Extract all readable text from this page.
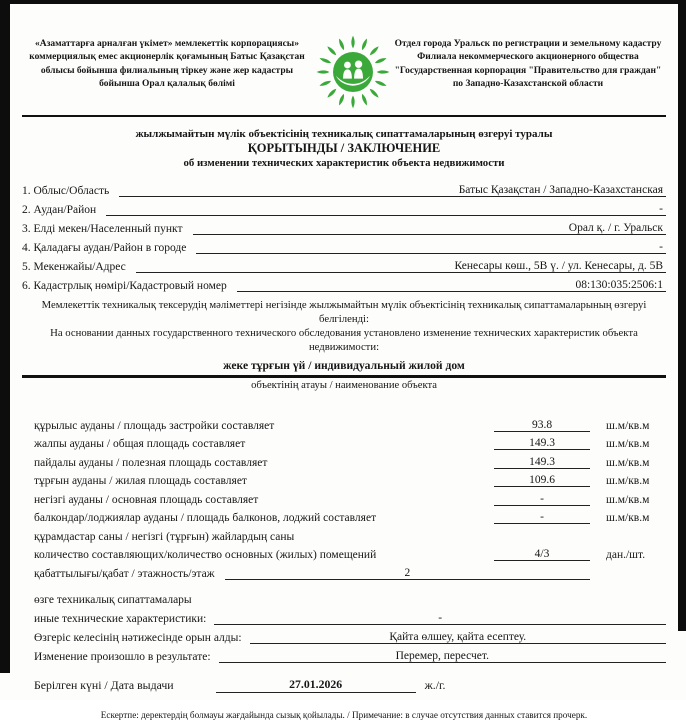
«Азаматтарға арналған үкімет» мемлекеттік корпорациясы» коммерциялық емес акционерлік қоғамының Батыс Қазақстан облысы бойынша филиалының тіркеу және жер кадастры бойынша Орал қалалық бөлімі
Отдел города Уральск по регистрации и земельному кадастру Филиала некоммерческого акционерного общества "Государственная корпорация "Правительство для граждан" по Западно-Казахстанской области
жылжымайтын мүлік объектісінің техникалық сипаттамаларының өзгеруі туралы
ҚОРЫТЫНДЫ / ЗАКЛЮЧЕНИЕ
об изменении технических характеристик объекта недвижимости
1. Облыс/Область	Батыс Қазақстан / Западно-Казахстанская
2. Аудан/Район	-
3. Елді мекен/Населенный пункт	Орал қ. / г. Уральск
4. Қаладағы аудан/Район в городе	-
5. Мекенжайы/Адрес	Кенесары көш., 5В ү. / ул. Кенесары, д. 5В
6. Кадастрлық нөмірі/Кадастровый номер	08:130:035:2506:1
Мемлекеттік техникалық тексерудің мәліметтері негізінде жылжымайтын мүлік объектісінің техникалық сипаттамаларының өзгеруі белгіленді:
На основании данных государственного технического обследования установлено изменение технических характеристик объекта недвижимости:
жеке тұрғын үй / индивидуальный жилой дом
объектінің атауы / наименование объекта
құрылыс ауданы / площадь застройки составляет	93.8	ш.м/кв.м
жалпы ауданы / общая площадь составляет	149.3	ш.м/кв.м
пайдалы ауданы / полезная площадь составляет	149.3	ш.м/кв.м
тұрғын ауданы / жилая площадь составляет	109.6	ш.м/кв.м
негізгі ауданы / основная площадь составляет	-	ш.м/кв.м
балкондар/лоджиялар ауданы / площадь балконов, лоджий составляет	-	ш.м/кв.м
құрамдастар саны / негізгі (тұрғын) жайлардың саны
количество составляющих/количество основных (жилых) помещений	4/3	дан./шт.
қабаттылығы/қабат / этажность/этаж	2
өзге техникалық сипаттамалары
иные технические характеристики:	-
Өзгеріс келесінің нәтижесінде орын алды:	Қайта өлшеу, қайта есептеу.
Изменение произошло в результате:	Перемер, пересчет.
Берілген күні / Дата выдачи	27.01.2026	ж./г.
Ескертпе: деректердің болмауы жағдайында сызық қойылады. / Примечание: в случае отсутствия данных ставится прочерк.
